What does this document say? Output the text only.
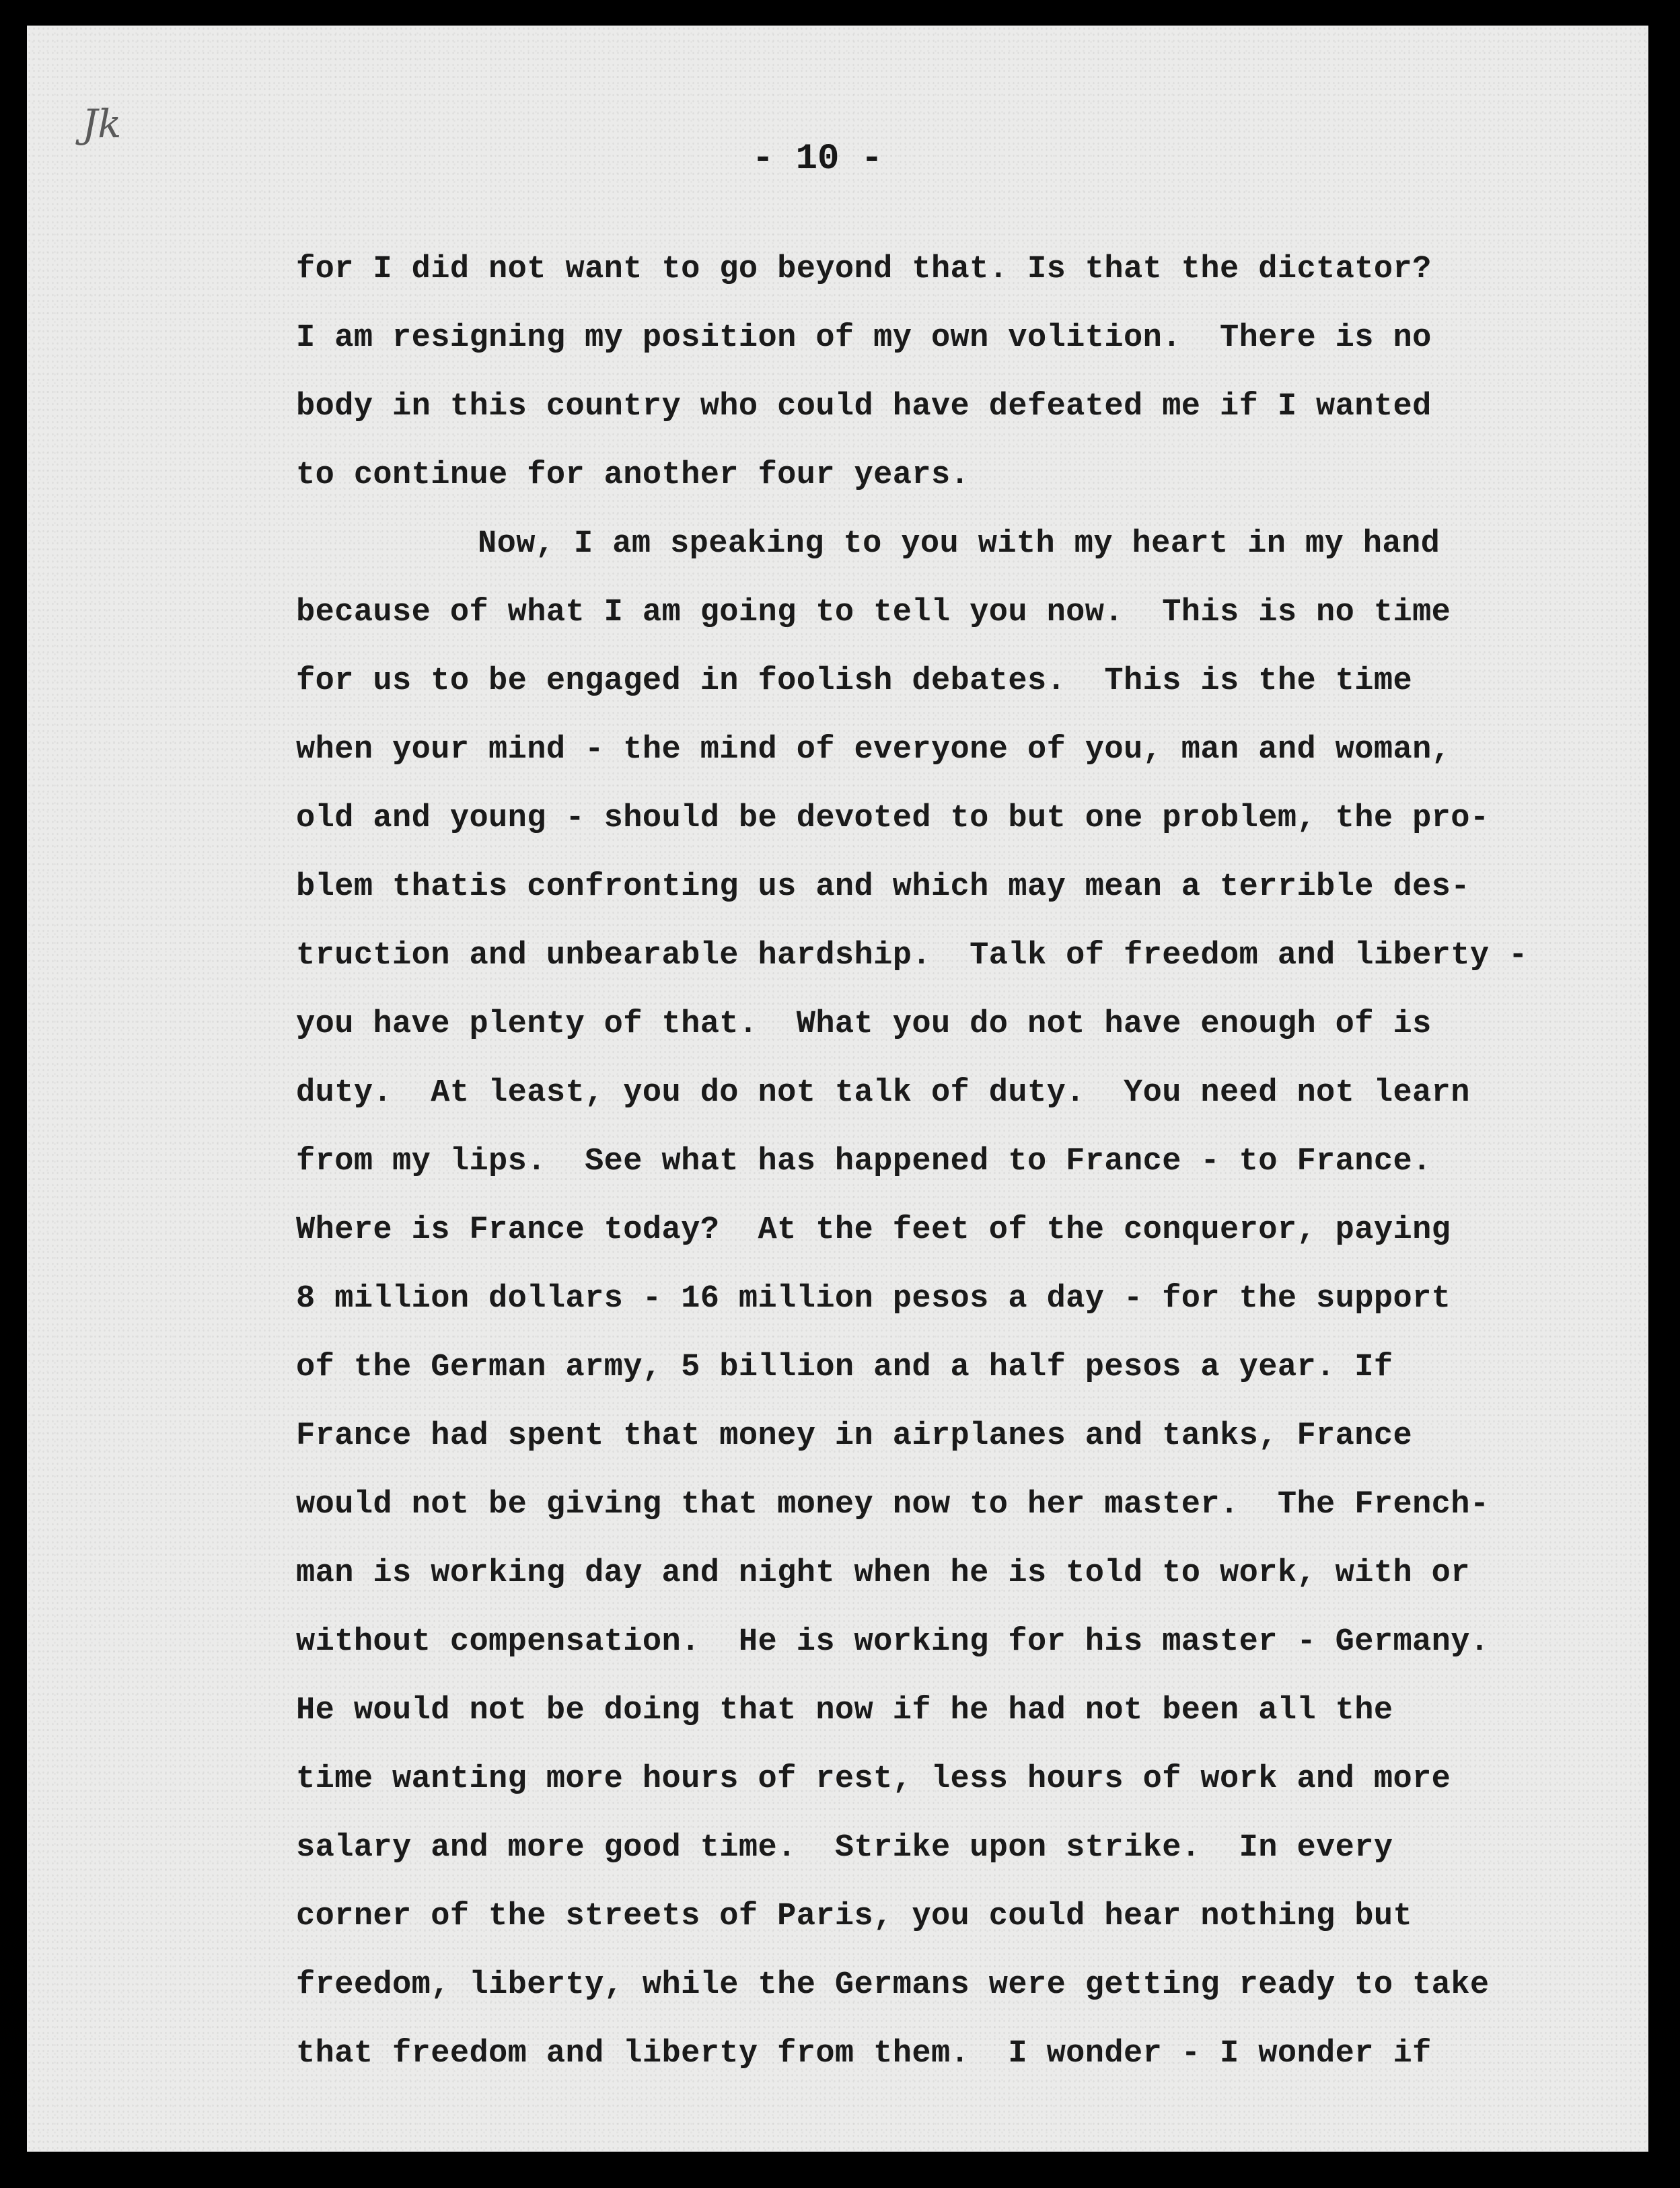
Jk
- 10 -
for I did not want to go beyond that. Is that the dictator?
I am resigning my position of my own volition.  There is no
body in this country who could have defeated me if I wanted
to continue for another four years.
Now, I am speaking to you with my heart in my hand
because of what I am going to tell you now.  This is no time
for us to be engaged in foolish debates.  This is the time
when your mind - the mind of everyone of you, man and woman,
old and young - should be devoted to but one problem, the pro-
blem thatis confronting us and which may mean a terrible des-
truction and unbearable hardship.  Talk of freedom and liberty -
you have plenty of that.  What you do not have enough of is
duty.  At least, you do not talk of duty.  You need not learn
from my lips.  See what has happened to France - to France.
Where is France today?  At the feet of the conqueror, paying
8 million dollars - 16 million pesos a day - for the support
of the German army, 5 billion and a half pesos a year. If
France had spent that money in airplanes and tanks, France
would not be giving that money now to her master.  The French-
man is working day and night when he is told to work, with or
without compensation.  He is working for his master - Germany.
He would not be doing that now if he had not been all the
time wanting more hours of rest, less hours of work and more
salary and more good time.  Strike upon strike.  In every
corner of the streets of Paris, you could hear nothing but
freedom, liberty, while the Germans were getting ready to take
that freedom and liberty from them.  I wonder - I wonder if
